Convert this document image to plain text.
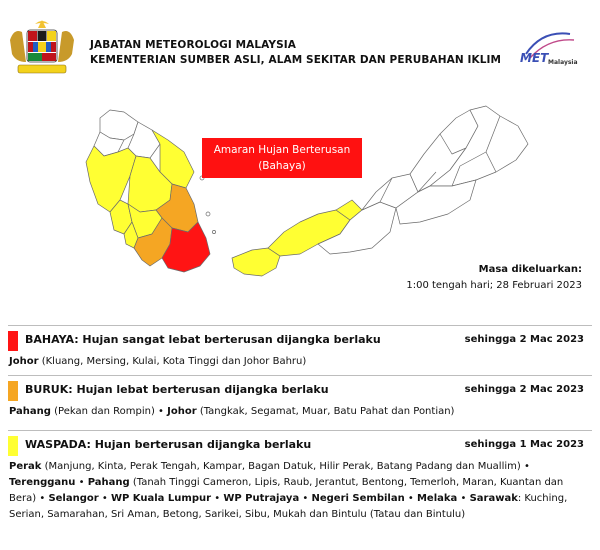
JABATAN METEOROLOGI MALAYSIA
KEMENTERIAN SUMBER ASLI, ALAM SEKITAR DAN PERUBAHAN IKLIM MET Malaysia
Amaran Hujan Berterusan
(Bahaya)
Masa dikeluarkan:
1:00 tengah hari; 28 Februari 2023
BAHAYA: Hujan sangat lebat berterusan dijangka berlaku	sehingga 2 Mac 2023
Johor (Kluang, Mersing, Kulai, Kota Tinggi dan Johor Bahru)
BURUK: Hujan lebat berterusan dijangka berlaku	sehingga 2 Mac 2023
Pahang (Pekan dan Rompin) • Johor (Tangkak, Segamat, Muar, Batu Pahat dan Pontian)
WASPADA: Hujan berterusan dijangka berlaku	sehingga 1 Mac 2023
Perak (Manjung, Kinta, Perak Tengah, Kampar, Bagan Datuk, Hilir Perak, Batang Padang dan Muallim) • Terengganu • Pahang (Tanah Tinggi Cameron, Lipis, Raub, Jerantut, Bentong, Temerloh, Maran, Kuantan dan Bera) • Selangor • WP Kuala Lumpur • WP Putrajaya • Negeri Sembilan • Melaka • Sarawak: Kuching, Serian, Samarahan, Sri Aman, Betong, Sarikei, Sibu, Mukah dan Bintulu (Tatau dan Bintulu)
